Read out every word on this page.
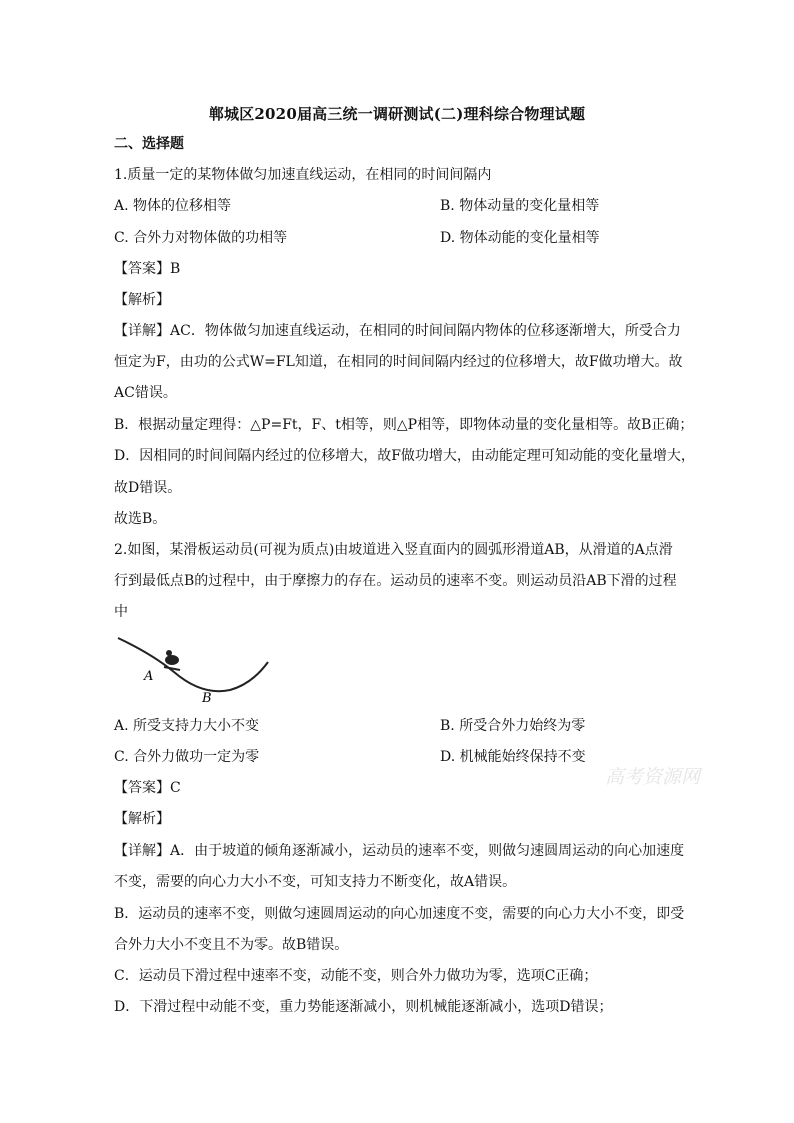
郸城区2020届高三统一调研测试(二)理科综合物理试题
二、选择题
1.质量一定的某物体做匀加速直线运动，在相同的时间间隔内
A. 物体的位移相等	B. 物体动量的变化量相等
C. 合外力对物体做的功相等	D. 物体动能的变化量相等
【答案】B
【解析】
【详解】AC．物体做匀加速直线运动，在相同的时间间隔内物体的位移逐渐增大，所受合力
恒定为F，由功的公式W=FL知道，在相同的时间间隔内经过的位移增大，故F做功增大。故
AC错误。
B．根据动量定理得：△P=Ft，F、t相等，则△P相等，即物体动量的变化量相等。故B正确；
D．因相同的时间间隔内经过的位移增大，故F做功增大，由动能定理可知动能的变化量增大，
故D错误。
故选B。
2.如图，某滑板运动员(可视为质点)由坡道进入竖直面内的圆弧形滑道AB，从滑道的A点滑
行到最低点B的过程中，由于摩擦力的存在。运动员的速率不变。则运动员沿AB下滑的过程
中
A
B
A. 所受支持力大小不变	B. 所受合外力始终为零
C. 合外力做功一定为零	D. 机械能始终保持不变
高考资源网
【答案】C
【解析】
【详解】A．由于坡道的倾角逐渐减小，运动员的速率不变，则做匀速圆周运动的向心加速度
不变，需要的向心力大小不变，可知支持力不断变化，故A错误。
B．运动员的速率不变，则做匀速圆周运动的向心加速度不变，需要的向心力大小不变，即受
合外力大小不变且不为零。故B错误。
C．运动员下滑过程中速率不变，动能不变，则合外力做功为零，选项C正确；
D．下滑过程中动能不变，重力势能逐渐减小，则机械能逐渐减小，选项D错误；
